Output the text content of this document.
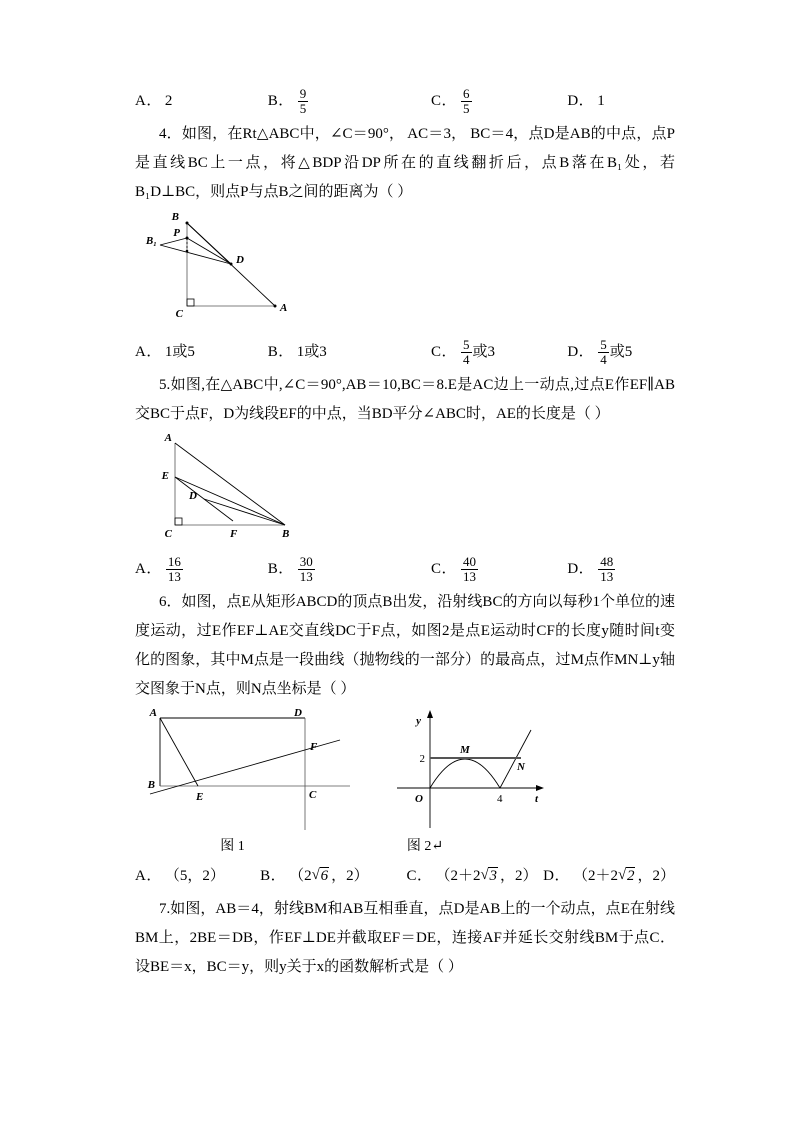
A． 2	B． $\frac{9}{5}$	C． $\frac{6}{5}$	D． 1

4．如图，在Rt△ABC中，∠C＝90°， AC＝3， BC＝4，点D是AB的中点，点P是直线BC上一点，将△BDP沿DP所在的直线翻折后，点B落在B₁处，若B₁D⊥BC，则点P与点B之间的距离为（ ）

B
P
B₁
D
C	A
A． 1或5	B． 1或3	C． $\frac{5}{4}$ 或3	D． $\frac{5}{4}$ 或5

5.如图,在△ABC中,∠C＝90°,AB＝10,BC＝8.E是AC边上一动点,过点E作EF∥AB交BC于点F，D为线段EF的中点，当BD平分∠ABC时，AE的长度是（ ）

A
E
D
C	F	B
A． $\frac{16}{13}$	B． $\frac{30}{13}$	C． $\frac{40}{13}$	D． $\frac{48}{13}$

6．如图，点E从矩形ABCD的顶点B出发，沿射线BC的方向以每秒1个单位的速度运动，过E作EF⊥AE交直线DC于F点，如图2是点E运动时CF的长度y随时间t变化的图象，其中M点是一段曲线（抛物线的一部分）的最高点，过M点作MN⊥y轴交图象于N点，则N点坐标是（ ）

A	D
F
B
E	C
y
t
O
2
4
M
N
图 1	图 2↵
A． （5，2） B． （2 √ 6 ，2）	C． （2＋2 √ 3 ，2） D． （2＋2 √ 2 ，2）

7.如图，AB＝4，射线BM和AB互相垂直，点D是AB上的一个动点，点E在射线BM上，2BE＝DB，作EF⊥DE并截取EF＝DE，连接AF并延长交射线BM于点C．设BE＝x，BC＝y，则y关于x的函数解析式是（ ）
